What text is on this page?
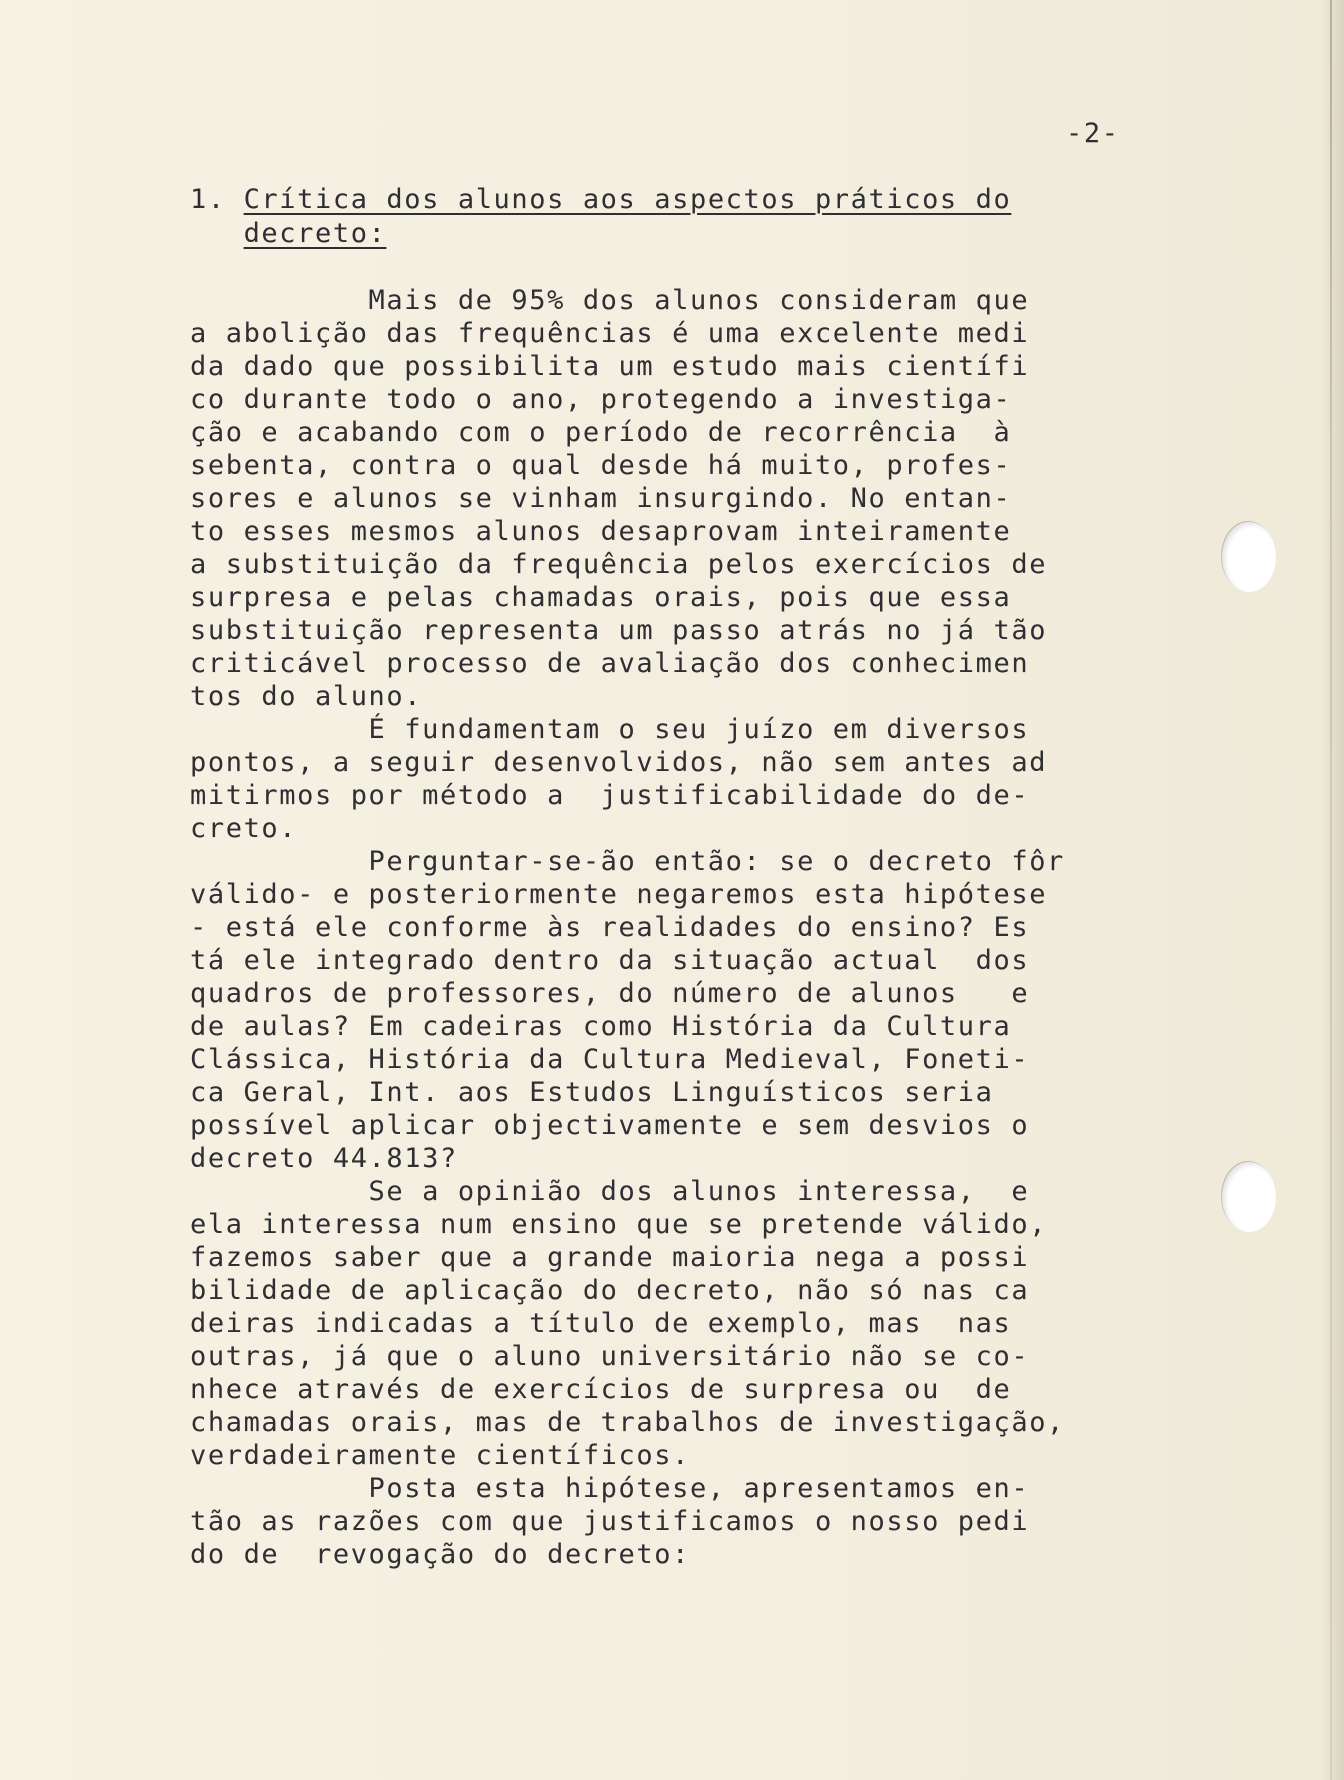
-2-

1. Crítica dos alunos aos aspectos práticos do
decreto:
Mais de 95% dos alunos consideram que
a abolição das frequências é uma excelente medi
da dado que possibilita um estudo mais científi
co durante todo o ano, protegendo a investiga-
ção e acabando com o período de recorrência  à
sebenta, contra o qual desde há muito, profes-
sores e alunos se vinham insurgindo. No entan-
to esses mesmos alunos desaprovam inteiramente
a substituição da frequência pelos exercícios de
surpresa e pelas chamadas orais, pois que essa
substituição representa um passo atrás no já tão
criticável processo de avaliação dos conhecimen
tos do aluno.
É fundamentam o seu juízo em diversos
pontos, a seguir desenvolvidos, não sem antes ad
mitirmos por método a  justificabilidade do de-
creto.
Perguntar-se-ão então: se o decreto fôr
válido- e posteriormente negaremos esta hipótese
- está ele conforme às realidades do ensino? Es
tá ele integrado dentro da situação actual  dos
quadros de professores, do número de alunos   e
de aulas? Em cadeiras como História da Cultura
Clássica, História da Cultura Medieval, Foneti-
ca Geral, Int. aos Estudos Linguísticos seria
possível aplicar objectivamente e sem desvios o
decreto 44.813?
Se a opinião dos alunos interessa,  e
ela interessa num ensino que se pretende válido,
fazemos saber que a grande maioria nega a possi
bilidade de aplicação do decreto, não só nas ca
deiras indicadas a título de exemplo, mas  nas
outras, já que o aluno universitário não se co-
nhece através de exercícios de surpresa ou  de
chamadas orais, mas de trabalhos de investigação,
verdadeiramente científicos.
Posta esta hipótese, apresentamos en-
tão as razões com que justificamos o nosso pedi
do de  revogação do decreto:
